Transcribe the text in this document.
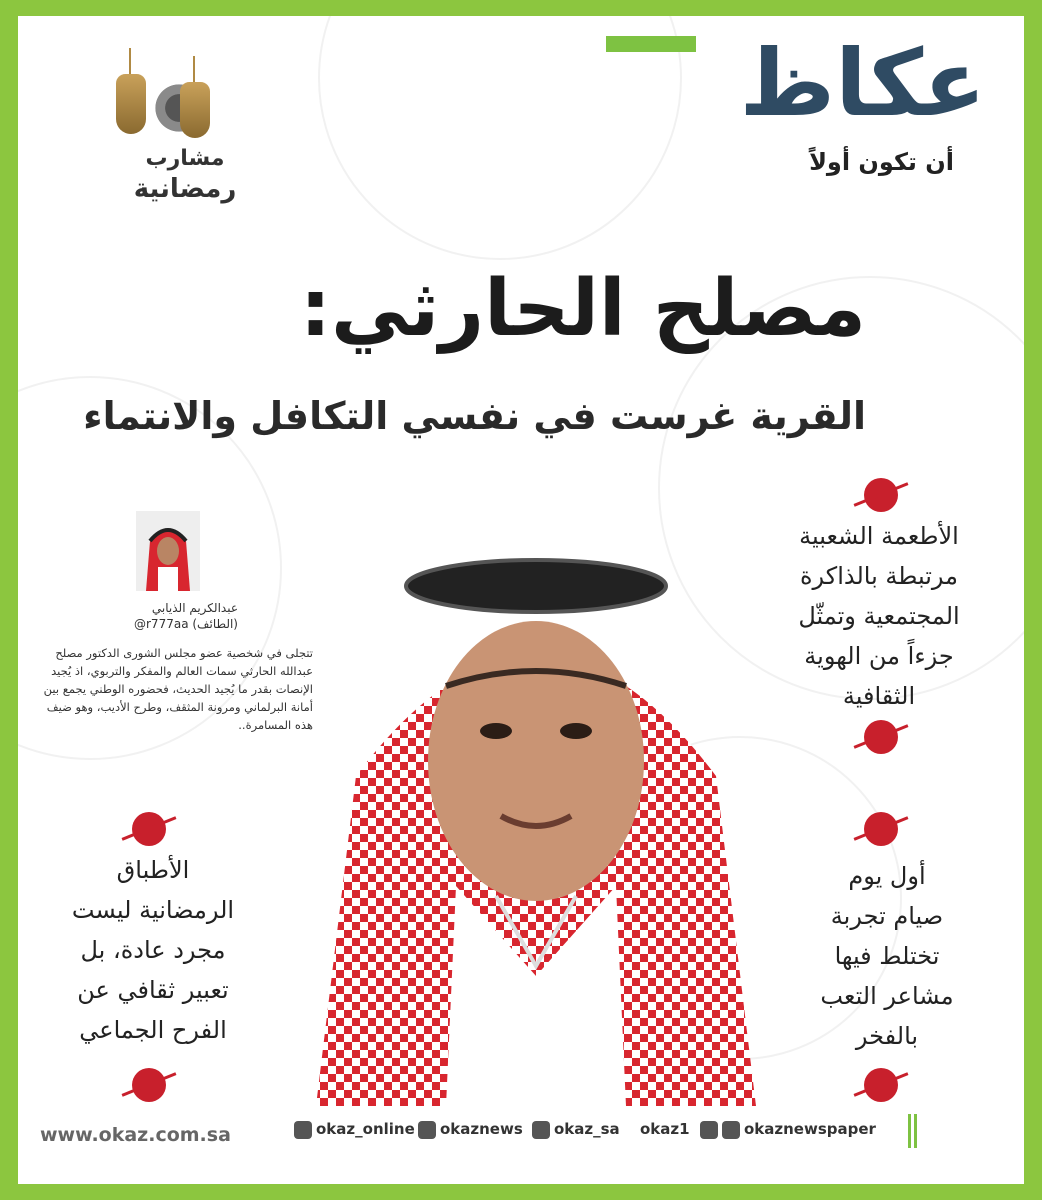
عكاظ
أن تكون أولاً
مشارب
رمضانية
مصلح الحارثي:
القرية غرست في نفسي التكافل والانتماء
الأطعمة الشعبية
مرتبطة بالذاكرة
المجتمعية وتمثّل
جزءاً من الهوية
الثقافية
أول يوم
صيام تجربة
تختلط فيها
مشاعر التعب
بالفخر
الأطباق
الرمضانية ليست
مجرد عادة، بل
تعبير ثقافي عن
الفرح الجماعي
عبدالكريم الذيابي
(الطائف) r777aa@
تتجلى في شخصية عضو مجلس الشورى الدكتور مصلح عبدالله الحارثي سمات العالم والمفكر والتربوي، اذ يُجيد الإنصات بقدر ما يُجيد الحديث، فحضوره الوطني يجمع بين أمانة البرلماني ومرونة المثقف، وطرح الأديب، وهو ضيف هذه المسامرة..
www.okaz.com.sa	okaz_online	okaznews	okaz_sa okaz1	okaznewspaper
